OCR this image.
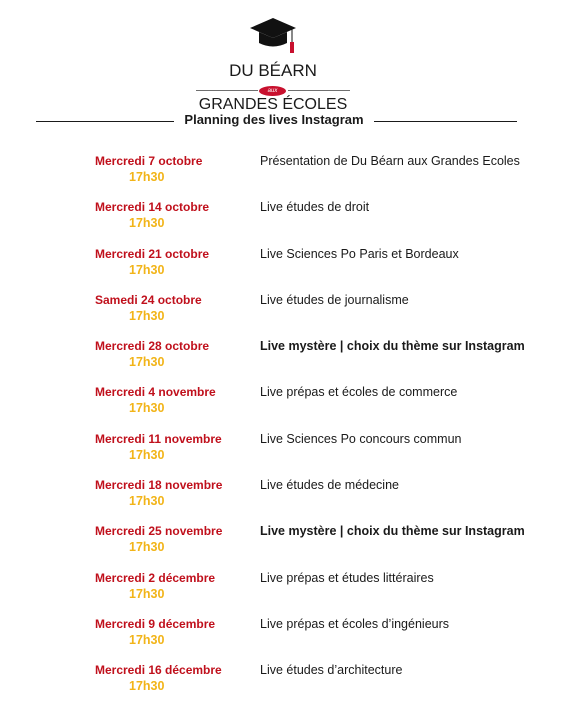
DU BÉARN
aux
GRANDES ÉCOLES
Planning des lives Instagram
Mercredi 7 octobre
17h30
Présentation de Du Béarn aux Grandes Ecoles
Mercredi 14 octobre
17h30
Live études de droit
Mercredi 21 octobre
17h30
Live Sciences Po Paris et Bordeaux
Samedi 24 octobre
17h30
Live études de journalisme
Mercredi 28 octobre
17h30
Live mystère | choix du thème sur Instagram
Mercredi 4 novembre
17h30
Live prépas et écoles de commerce
Mercredi 11 novembre
17h30
Live Sciences Po concours commun
Mercredi 18 novembre
17h30
Live études de médecine
Mercredi 25 novembre
17h30
Live mystère | choix du thème sur Instagram
Mercredi 2 décembre
17h30
Live prépas et études littéraires
Mercredi 9 décembre
17h30
Live prépas et écoles d’ingénieurs
Mercredi 16 décembre
17h30
Live études d’architecture
